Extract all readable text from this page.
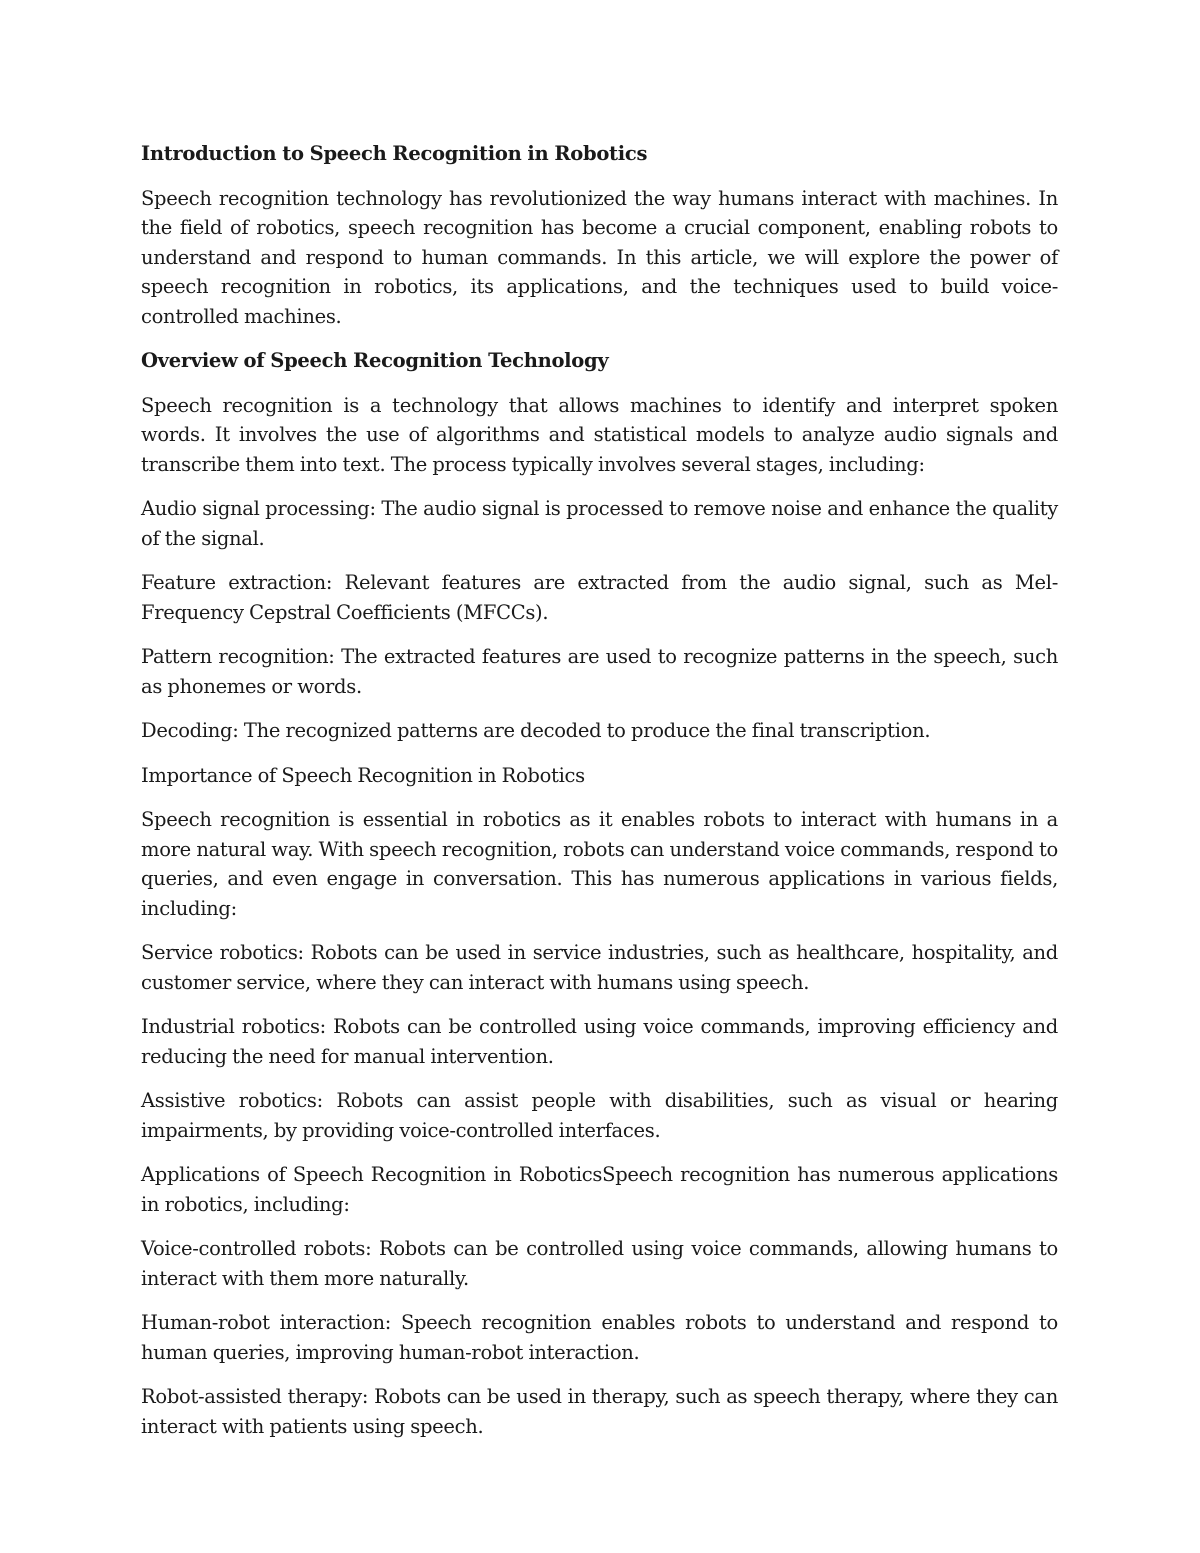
Introduction to Speech Recognition in Robotics

Speech recognition technology has revolutionized the way humans interact with machines. In the field of robotics, speech recognition has become a crucial component, enabling robots to understand and respond to human commands. In this article, we will explore the power of speech recognition in robotics, its applications, and the techniques used to build voice-controlled machines.

Overview of Speech Recognition Technology

Speech recognition is a technology that allows machines to identify and interpret spoken words. It involves the use of algorithms and statistical models to analyze audio signals and transcribe them into text. The process typically involves several stages, including:

Audio signal processing: The audio signal is processed to remove noise and enhance the quality of the signal.

Feature extraction: Relevant features are extracted from the audio signal, such as Mel-Frequency Cepstral Coefficients (MFCCs).

Pattern recognition: The extracted features are used to recognize patterns in the speech, such as phonemes or words.

Decoding: The recognized patterns are decoded to produce the final transcription.

Importance of Speech Recognition in Robotics

Speech recognition is essential in robotics as it enables robots to interact with humans in a more natural way. With speech recognition, robots can understand voice commands, respond to queries, and even engage in conversation. This has numerous applications in various fields, including:

Service robotics: Robots can be used in service industries, such as healthcare, hospitality, and customer service, where they can interact with humans using speech.

Industrial robotics: Robots can be controlled using voice commands, improving efficiency and reducing the need for manual intervention.

Assistive robotics: Robots can assist people with disabilities, such as visual or hearing impairments, by providing voice-controlled interfaces.

Applications of Speech Recognition in RoboticsSpeech recognition has numerous applications in robotics, including:

Voice-controlled robots: Robots can be controlled using voice commands, allowing humans to interact with them more naturally.

Human-robot interaction: Speech recognition enables robots to understand and respond to human queries, improving human-robot interaction.

Robot-assisted therapy: Robots can be used in therapy, such as speech therapy, where they can interact with patients using speech.
